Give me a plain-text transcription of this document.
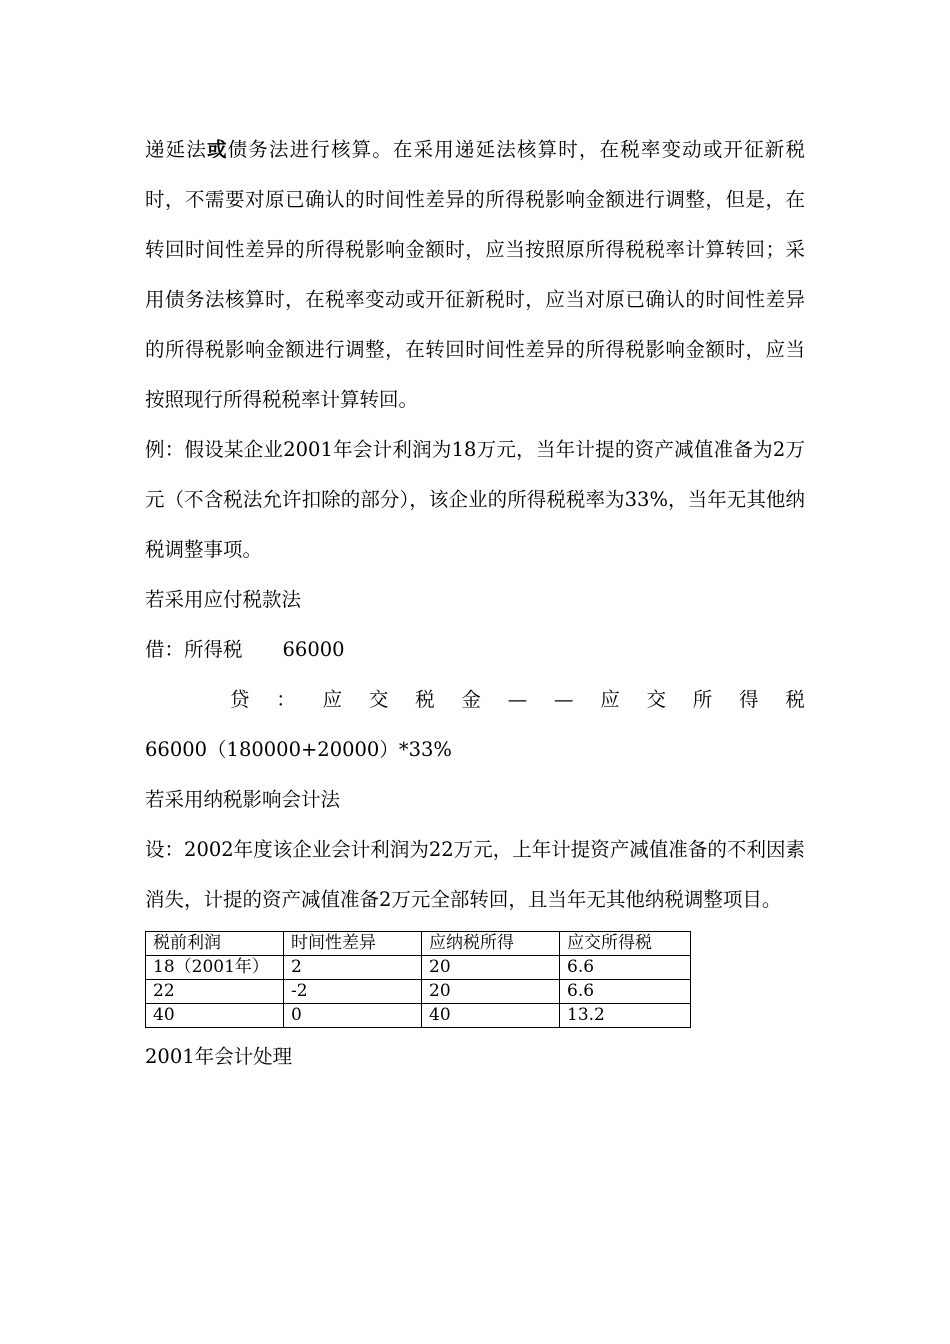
递延法或债务法进行核算。在采用递延法核算时，在税率变动或开征新税时，不需要对原已确认的时间性差异的所得税影响金额进行调整，但是，在转回时间性差异的所得税影响金额时，应当按照原所得税税率计算转回；采用债务法核算时，在税率变动或开征新税时，应当对原已确认的时间性差异的所得税影响金额进行调整，在转回时间性差异的所得税影响金额时，应当按照现行所得税税率计算转回。

例：假设某企业2001年会计利润为18万元，当年计提的资产减值准备为2万元（不含税法允许扣除的部分），该企业的所得税税率为33%，当年无其他纳税调整事项。

若采用应付税款法

借：所得税 66000

贷 ： 应 交 税 金 — — 应 交 所 得 税

66000（180000+20000）*33%

若采用纳税影响会计法

设：2002年度该企业会计利润为22万元，上年计提资产减值准备的不利因素消失，计提的资产减值准备2万元全部转回，且当年无其他纳税调整项目。

税前利润	时间性差异	应纳税所得	应交所得税
18（2001年）	2	20	6.6
22	-2	20	6.6
40	0	40	13.2

2001年会计处理
